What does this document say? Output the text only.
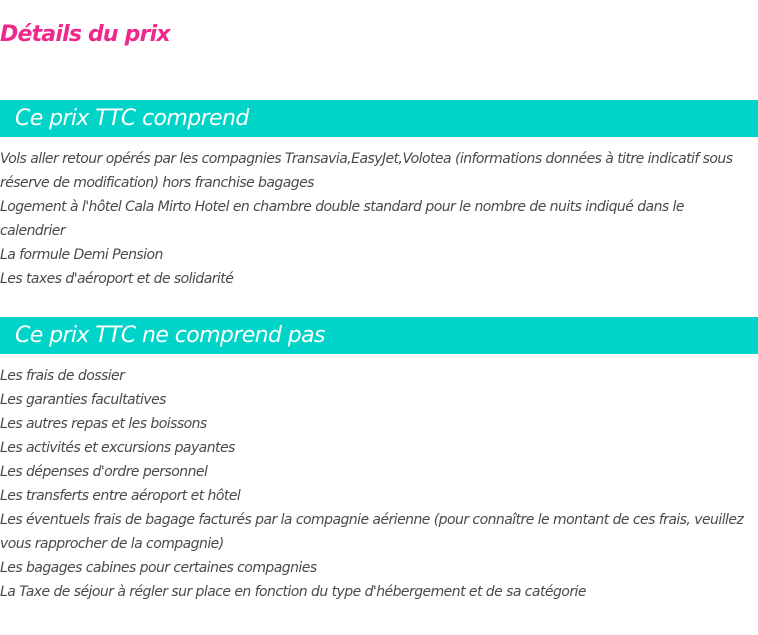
Détails du prix
Ce prix TTC comprend
Vols aller retour opérés par les compagnies Transavia,EasyJet,Volotea (informations données à titre indicatif sous réserve de modification) hors franchise bagages
Logement à l'hôtel Cala Mirto Hotel en chambre double standard pour le nombre de nuits indiqué dans le calendrier
La formule Demi Pension
Les taxes d'aéroport et de solidarité
Ce prix TTC ne comprend pas
Les frais de dossier
Les garanties facultatives
Les autres repas et les boissons
Les activités et excursions payantes
Les dépenses d'ordre personnel
Les transferts entre aéroport et hôtel
Les éventuels frais de bagage facturés par la compagnie aérienne (pour connaître le montant de ces frais, veuillez vous rapprocher de la compagnie)
Les bagages cabines pour certaines compagnies
La Taxe de séjour à régler sur place en fonction du type d'hébergement et de sa catégorie
